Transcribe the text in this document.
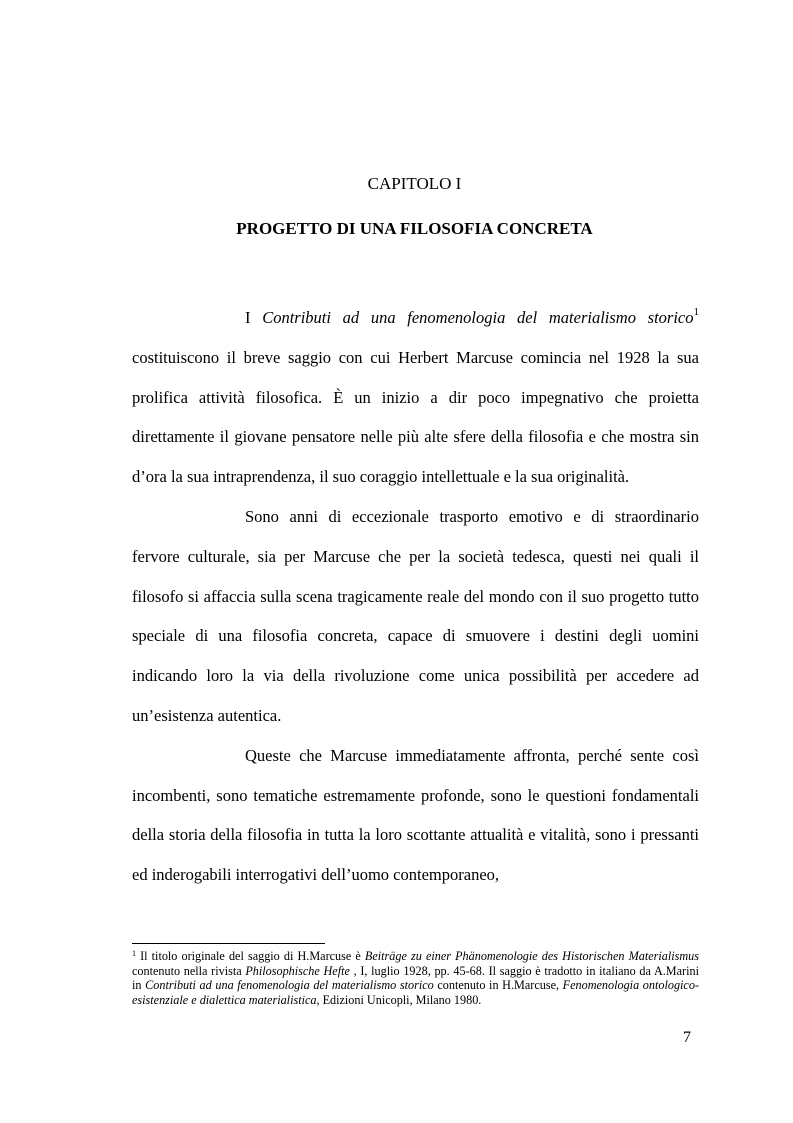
CAPITOLO I
PROGETTO DI UNA FILOSOFIA CONCRETA

I Contributi ad una fenomenologia del materialismo storico$^1$ costituiscono il breve saggio con cui Herbert Marcuse comincia nel 1928 la sua prolifica attività filosofica. È un inizio a dir poco impegnativo che proietta direttamente il giovane pensatore nelle più alte sfere della filosofia e che mostra sin d’ora la sua intraprendenza, il suo coraggio intellettuale e la sua originalità.

Sono anni di eccezionale trasporto emotivo e di straordinario fervore culturale, sia per Marcuse che per la società tedesca, questi nei quali il filosofo si affaccia sulla scena tragicamente reale del mondo con il suo progetto tutto speciale di una filosofia concreta, capace di smuovere i destini degli uomini indicando loro la via della rivoluzione come unica possibilità per accedere ad un’esistenza autentica.

Queste che Marcuse immediatamente affronta, perché sente così incombenti, sono tematiche estremamente profonde, sono le questioni fondamentali della storia della filosofia in tutta la loro scottante attualità e vitalità, sono i pressanti ed inderogabili interrogativi dell’uomo contemporaneo,

$^1$ Il titolo originale del saggio di H.Marcuse è Beiträge zu einer Phänomenologie des Historischen Materialismus contenuto nella rivista Philosophische Hefte , I, luglio 1928, pp. 45-68. Il saggio è tradotto in italiano da A.Marini in Contributi ad una fenomenologia del materialismo storico contenuto in H.Marcuse, Fenomenologia ontologico-esistenziale e dialettica materialistica, Edizioni Unicopli, Milano 1980.
7
